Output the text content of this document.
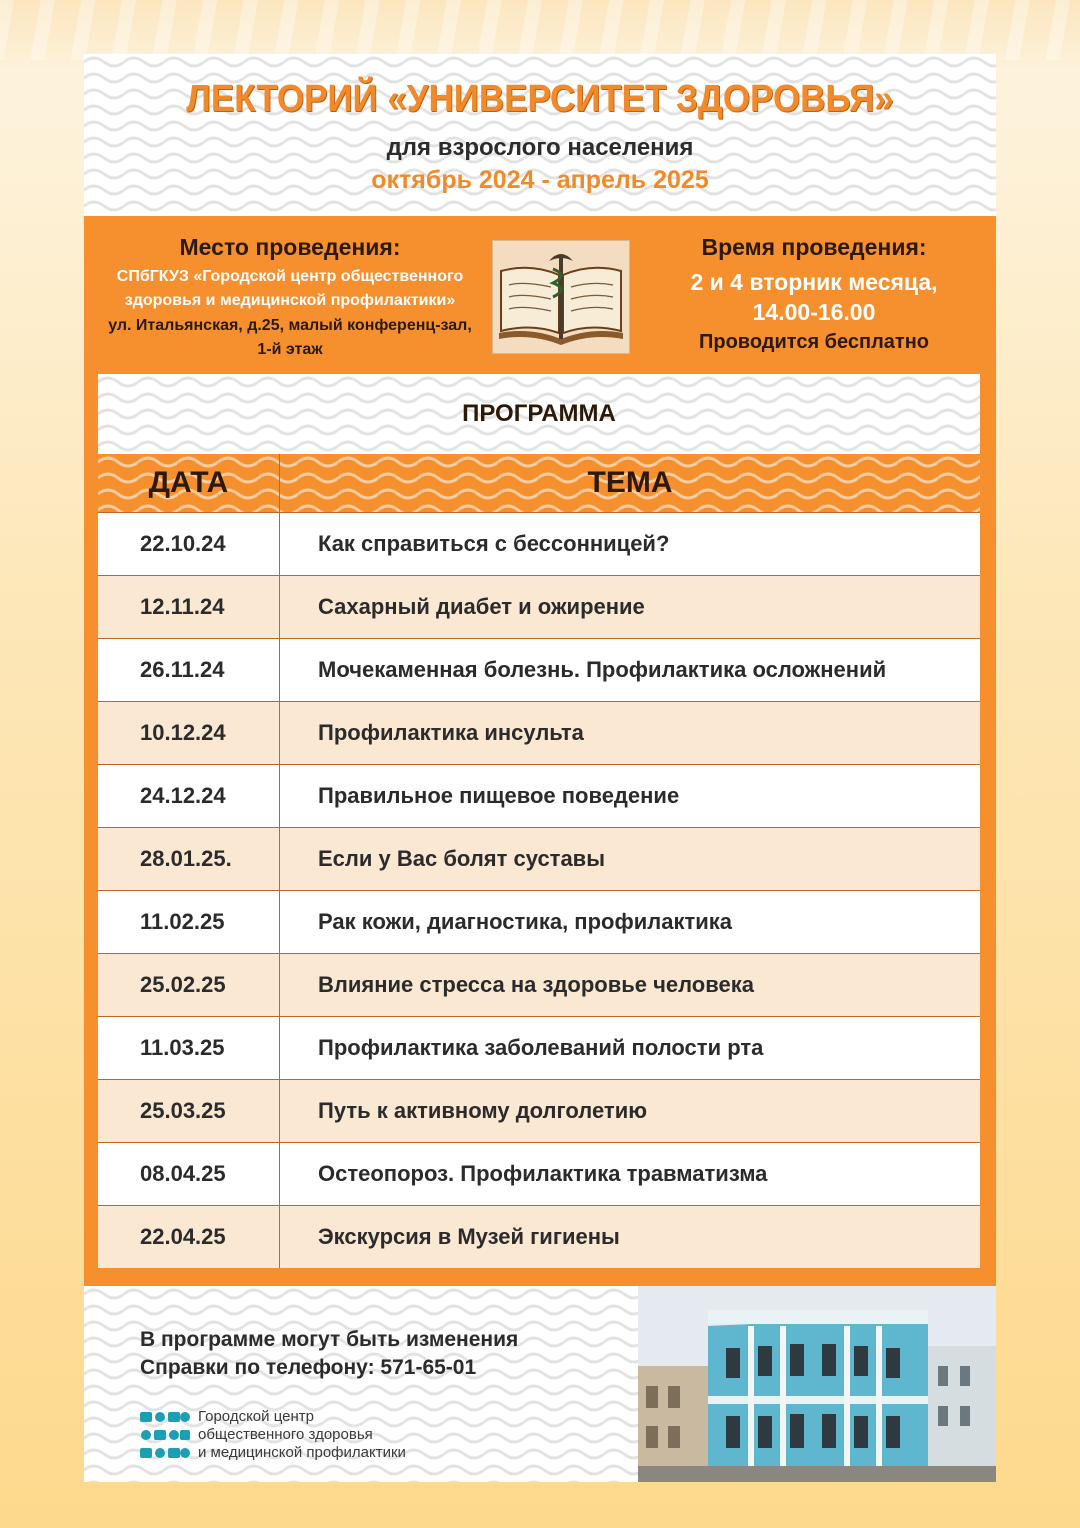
ЛЕКТОРИЙ «УНИВЕРСИТЕТ ЗДОРОВЬЯ»
для взрослого населения
октябрь 2024 - апрель 2025
Место проведения:
СПбГКУЗ «Городской центр общественного
здоровья и медицинской профилактики»
ул. Итальянская, д.25, малый конференц-зал,
1-й этаж
Время проведения:
2 и 4 вторник месяца,
14.00-16.00
Проводится бесплатно
ПРОГРАММА
ДАТА	ТЕМА
22.10.24	Как справиться с бессонницей?
12.11.24	Сахарный диабет и ожирение
26.11.24	Мочекаменная болезнь. Профилактика осложнений
10.12.24	Профилактика инсульта
24.12.24	Правильное пищевое поведение
28.01.25.	Если у Вас болят суставы
11.02.25	Рак кожи, диагностика, профилактика
25.02.25	Влияние стресса на здоровье человека
11.03.25	Профилактика заболеваний полости рта
25.03.25	Путь к активному долголетию
08.04.25	Остеопороз. Профилактика травматизма
22.04.25	Экскурсия в Музей гигиены
В программе могут быть изменения
Справки по телефону: 571-65-01
Городской центр
общественного здоровья
и медицинской профилактики
